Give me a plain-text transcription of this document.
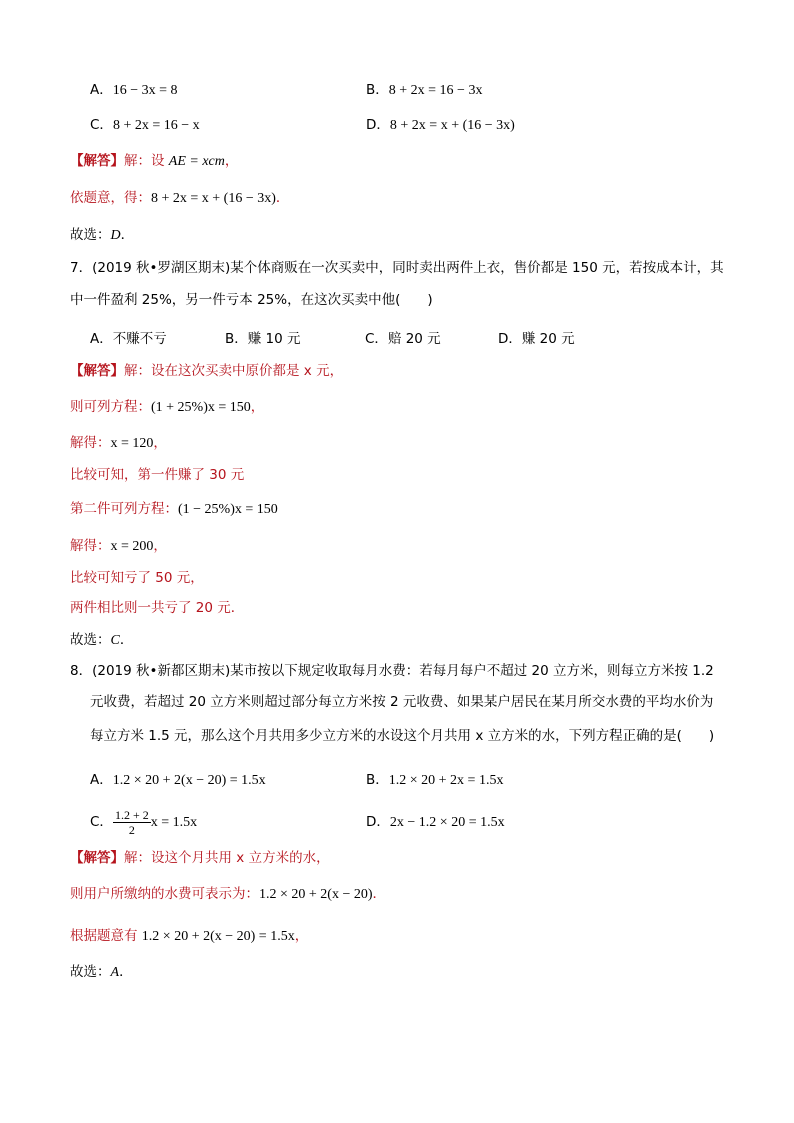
A．16 − 3x = 8	B．8 + 2x = 16 − 3x
C．8 + 2x = 16 − x	D．8 + 2x = x + (16 − 3x)
【解答】解：设 AE = xcm，
依题意，得：8 + 2x = x + (16 − 3x)．
故选：D．
7．(2019 秋•罗湖区期末)某个体商贩在一次买卖中，同时卖出两件上衣，售价都是 150 元，若按成本计，其
中一件盈利 25%，另一件亏本 25%，在这次买卖中他(　　)
A．不赚不亏	B．赚 10 元	C．赔 20 元	D．赚 20 元
【解答】解：设在这次买卖中原价都是 x 元，
则可列方程：(1 + 25%)x = 150，
解得：x = 120，
比较可知，第一件赚了 30 元
第二件可列方程：(1 − 25%)x = 150
解得：x = 200，
比较可知亏了 50 元，
两件相比则一共亏了 20 元．
故选：C．
8．(2019 秋•新都区期末)某市按以下规定收取每月水费：若每月每户不超过 20 立方米，则每立方米按 1.2
元收费，若超过 20 立方米则超过部分每立方米按 2 元收费、如果某户居民在某月所交水费的平均水价为
每立方米 1.5 元，那么这个月共用多少立方米的水设这个月共用 x 立方米的水，下列方程正确的是(　　)
A．1.2 × 20 + 2(x − 20) = 1.5x	B．1.2 × 20 + 2x = 1.5x
C． $\frac{1.2 + 2}{2}$ x = 1.5x	D．2x − 1.2 × 20 = 1.5x
【解答】解：设这个月共用 x 立方米的水，
则用户所缴纳的水费可表示为：1.2 × 20 + 2(x − 20)．
根据题意有 1.2 × 20 + 2(x − 20) = 1.5x，
故选：A．
